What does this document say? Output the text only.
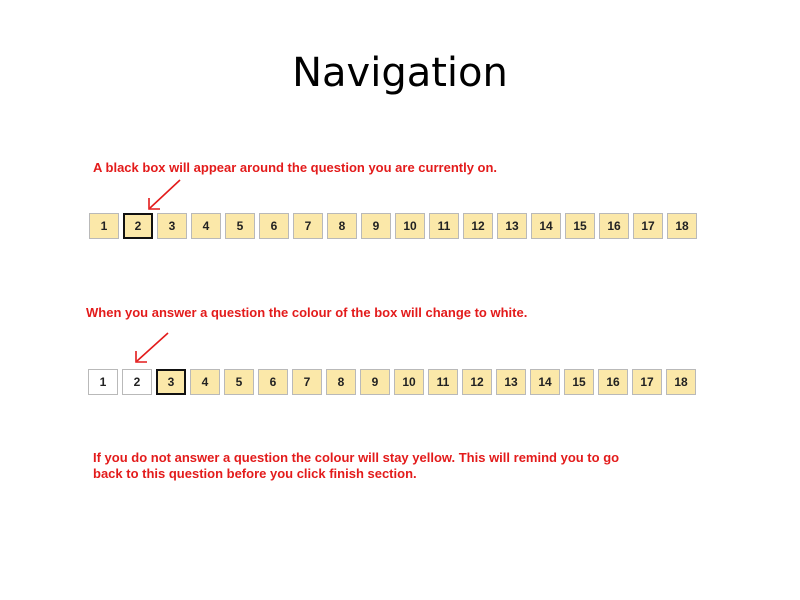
Navigation
A black box will appear around the question you are currently on.
1	2	3	4	5	6	7	8	9	10	11	12	13	14	15	16	17	18
When you answer a question the colour of the box will change to white.
1	2	3	4	5	6	7	8	9	10	11	12	13	14	15	16	17	18
If you do not answer a question the colour will stay yellow. This will remind you to go
back to this question before you click finish section.
